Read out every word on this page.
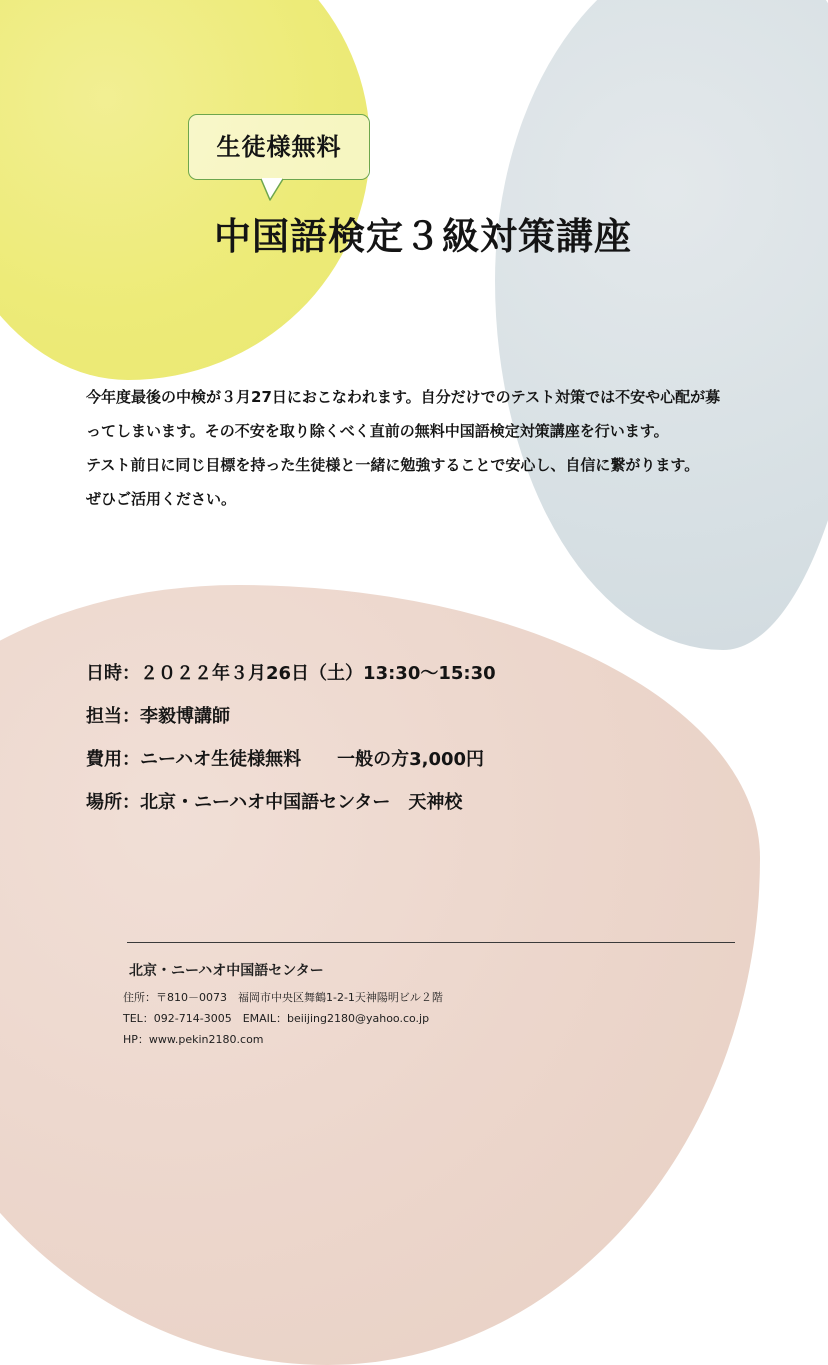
生徒様無料
中国語検定３級対策講座

今年度最後の中検が３月27日におこなわれます。自分だけでのテスト対策では不安や心配が募

ってしまいます。その不安を取り除くべく直前の無料中国語検定対策講座を行います。

テスト前日に同じ目標を持った生徒様と一緒に勉強することで安心し、自信に繋がります。

ぜひご活用ください。

日時：２０２２年３月26日（土）13:30～15:30
担当：李毅博講師
費用：ニーハオ生徒様無料　　一般の方3,000円
場所：北京・ニーハオ中国語センター　天神校
北京・ニーハオ中国語センター
住所：〒810－0073　福岡市中央区舞鶴1-2-1天神陽明ビル２階
TEL：092-714-3005　EMAIL：beiijing2180@yahoo.co.jp
HP：www.pekin2180.com
